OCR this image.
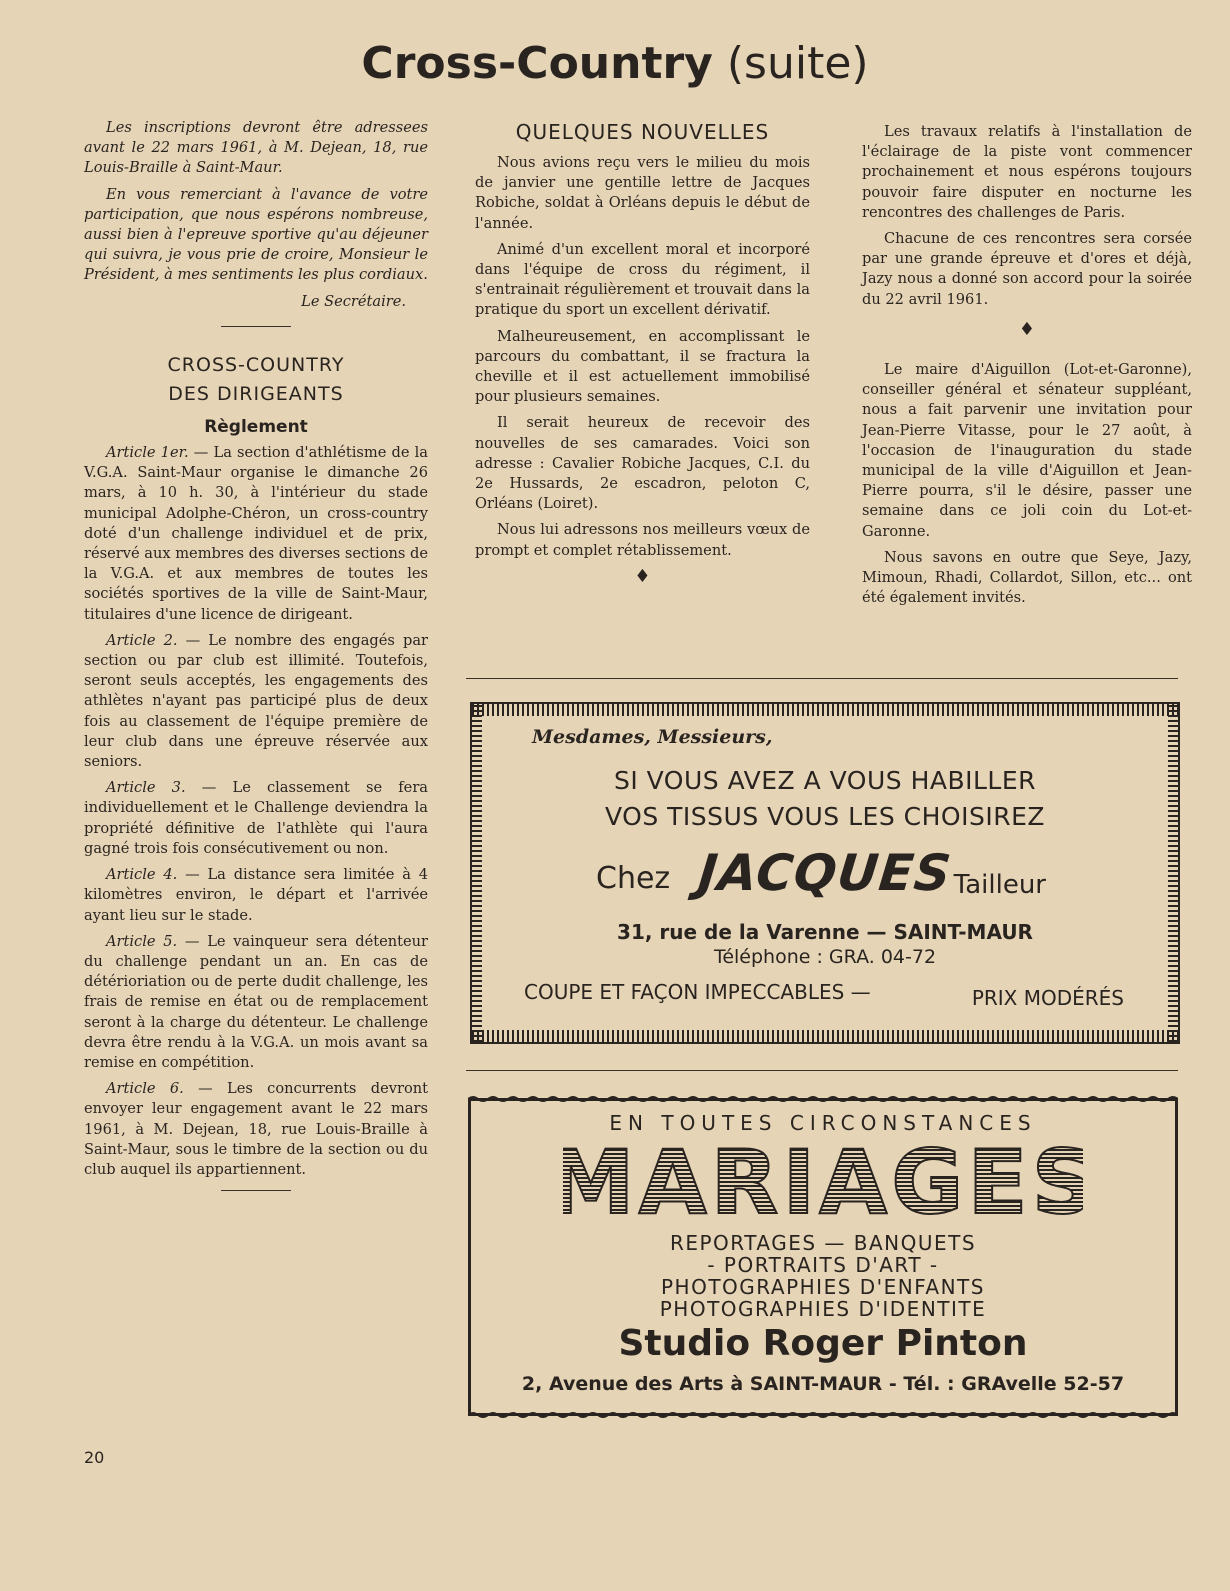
Cross-Country (suite)

Les inscriptions devront être adressees avant le 22 mars 1961, à M. Dejean, 18, rue Louis-Braille à Saint-Maur.

En vous remerciant à l'avance de votre participation, que nous espérons nombreuse, aussi bien à l'epreuve sportive qu'au déjeuner qui suivra, je vous prie de croire, Monsieur le Président, à mes sentiments les plus cordiaux.

Le Secrétaire.
CROSS-COUNTRY
DES DIRIGEANTS
Règlement

Article 1er. — La section d'athlétisme de la V.G.A. Saint-Maur organise le dimanche 26 mars, à 10 h. 30, à l'intérieur du stade municipal Adolphe-Chéron, un cross-country doté d'un challenge individuel et de prix, réservé aux membres des diverses sections de la V.G.A. et aux membres de toutes les sociétés sportives de la ville de Saint-Maur, titulaires d'une licence de dirigeant.

Article 2. — Le nombre des engagés par section ou par club est illimité. Toutefois, seront seuls acceptés, les engagements des athlètes n'ayant pas participé plus de deux fois au classement de l'équipe première de leur club dans une épreuve réservée aux seniors.

Article 3. — Le classement se fera individuellement et le Challenge deviendra la propriété définitive de l'athlète qui l'aura gagné trois fois consécutivement ou non.

Article 4. — La distance sera limitée à 4 kilomètres environ, le départ et l'arrivée ayant lieu sur le stade.

Article 5. — Le vainqueur sera détenteur du challenge pendant un an. En cas de détérioriation ou de perte dudit challenge, les frais de remise en état ou de remplacement seront à la charge du détenteur. Le challenge devra être rendu à la V.G.A. un mois avant sa remise en compétition.

Article 6. — Les concurrents devront envoyer leur engagement avant le 22 mars 1961, à M. Dejean, 18, rue Louis-Braille à Saint-Maur, sous le timbre de la section ou du club auquel ils appartiennent.

QUELQUES NOUVELLES

Nous avions reçu vers le milieu du mois de janvier une gentille lettre de Jacques Robiche, soldat à Orléans depuis le début de l'année.

Animé d'un excellent moral et incorporé dans l'équipe de cross du régiment, il s'entrainait régulièrement et trouvait dans la pratique du sport un excellent dérivatif.

Malheureusement, en accomplissant le parcours du combattant, il se fractura la cheville et il est actuellement immobilisé pour plusieurs semaines.

Il serait heureux de recevoir des nouvelles de ses camarades. Voici son adresse : Cavalier Robiche Jacques, C.I. du 2e Hussards, 2e escadron, peloton C, Orléans (Loiret).

Nous lui adressons nos meilleurs vœux de prompt et complet rétablissement.

♦

Les travaux relatifs à l'installation de l'éclairage de la piste vont commencer prochainement et nous espérons toujours pouvoir faire disputer en nocturne les rencontres des challenges de Paris.

Chacune de ces rencontres sera corsée par une grande épreuve et d'ores et déjà, Jazy nous a donné son accord pour la soirée du 22 avril 1961.

♦

Le maire d'Aiguillon (Lot-et-Garonne), conseiller général et sénateur suppléant, nous a fait parvenir une invitation pour Jean-Pierre Vitasse, pour le 27 août, à l'occasion de l'inauguration du stade municipal de la ville d'Aiguillon et Jean-Pierre pourra, s'il le désire, passer une semaine dans ce joli coin du Lot-et-Garonne.

Nous savons en outre que Seye, Jazy, Mimoun, Rhadi, Collardot, Sillon, etc... ont été également invités.

Mesdames, Messieurs,
SI VOUS AVEZ A VOUS HABILLER
VOS TISSUS VOUS LES CHOISIREZ
Chez JACQUES Tailleur
31, rue de la Varenne — SAINT-MAUR
Téléphone : GRA. 04-72
COUPE ET FAÇON IMPECCABLES —	PRIX MODÉRÉS
EN TOUTES CIRCONSTANCES
MARIAGES
REPORTAGES — BANQUETS
- PORTRAITS D'ART -
PHOTOGRAPHIES D'ENFANTS
PHOTOGRAPHIES D'IDENTITE
Studio Roger Pinton
2, Avenue des Arts à SAINT-MAUR - Tél. : GRAvelle 52-57
20
